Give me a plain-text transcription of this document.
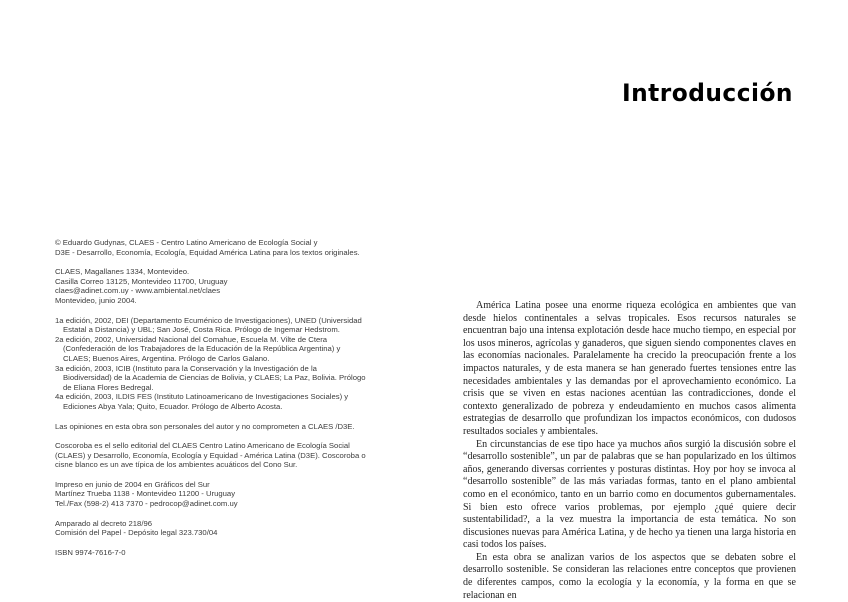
© Eduardo Gudynas, CLAES - Centro Latino Americano de Ecología Social y
D3E - Desarrollo, Economía, Ecología, Equidad América Latina para los textos originales.
CLAES, Magallanes 1334, Montevideo.
Casilla Correo 13125, Montevideo 11700, Uruguay
claes@adinet.com.uy - www.ambiental.net/claes
Montevideo, junio 2004.

1a edición, 2002, DEI (Departamento Ecuménico de Investigaciones), UNED (Universidad Estatal a Distancia) y UBL; San José, Costa Rica. Prólogo de Ingemar Hedstrom.

2a edición, 2002, Universidad Nacional del Comahue, Escuela M. Vilte de Ctera (Confederación de los Trabajadores de la Educación de la República Argentina) y CLAES; Buenos Aires, Argentina. Prólogo de Carlos Galano.

3a edición, 2003, ICIB (Instituto para la Conservación y la Investigación de la Biodiversidad) de la Academia de Ciencias de Bolivia, y CLAES; La Paz, Bolivia. Prólogo de Eliana Flores Bedregal.

4a edición, 2003, ILDIS FES (Instituto Latinoamericano de Investigaciones Sociales) y Ediciones Abya Yala; Quito, Ecuador. Prólogo de Alberto Acosta.

Las opiniones en esta obra son personales del autor y no comprometen a CLAES /D3E.

Coscoroba es el sello editorial del CLAES Centro Latino Americano de Ecología Social (CLAES) y Desarrollo, Economía, Ecología y Equidad - América Latina (D3E). Coscoroba o cisne blanco es un ave típica de los ambientes acuáticos del Cono Sur.

Impreso en junio de 2004 en Gráficos del Sur
Martínez Trueba 1138 - Montevideo 11200 - Uruguay
Tel./Fax (598-2) 413 7370 - pedrocop@adinet.com.uy
Amparado al decreto 218/96
Comisión del Papel - Depósito legal 323.730/04
ISBN 9974-7616-7-0
Introducción

América Latina posee una enorme riqueza ecológica en ambientes que van desde hielos continentales a selvas tropicales. Esos recursos naturales se encuentran bajo una intensa explotación desde hace mucho tiempo, en especial por los usos mineros, agrícolas y ganaderos, que siguen siendo componentes claves en las economías nacionales. Paralelamente ha crecido la preocupación frente a los impactos naturales, y de esta manera se han generado fuertes tensiones entre las necesidades ambientales y las demandas por el aprovechamiento económico. La crisis que se viven en estas naciones acentúan las contradicciones, donde el contexto generalizado de pobreza y endeudamiento en muchos casos alimenta estrategias de desarrollo que profundizan los impactos económicos, con dudosos resultados sociales y ambientales.

En circunstancias de ese tipo hace ya muchos años surgió la discusión sobre el “desarrollo sostenible”, un par de palabras que se han popularizado en los últimos años, generando diversas corrientes y posturas distintas. Hoy por hoy se invoca al “desarrollo sostenible” de las más variadas formas, tanto en el plano ambiental como en el económico, tanto en un barrio como en documentos gubernamentales. Si bien esto ofrece varios problemas, por ejemplo ¿qué quiere decir sustentabilidad?, a la vez muestra la importancia de esta temática. No son discusiones nuevas para América Latina, y de hecho ya tienen una larga historia en casi todos los países.

En esta obra se analizan varios de los aspectos que se debaten sobre el desarrollo sostenible. Se consideran las relaciones entre conceptos que provienen de diferentes campos, como la ecología y la economía, y la forma en que se relacionan en
